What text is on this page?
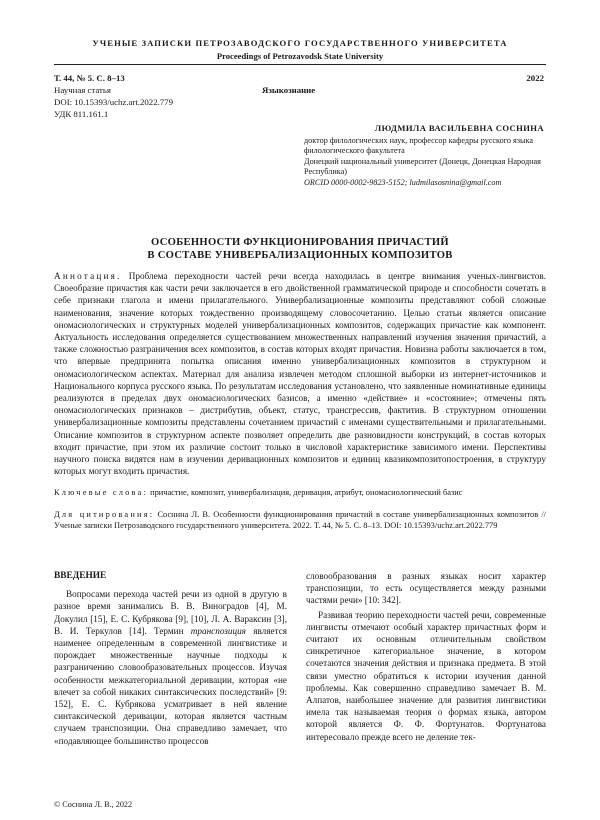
УЧЕНЫЕ ЗАПИСКИ ПЕТРОЗАВОДСКОГО ГОСУДАРСТВЕННОГО УНИВЕРСИТЕТА
Proceedings of Petrozavodsk State University
Т. 44, № 5. С. 8–13	2022
Научная статья	Языкознание
DOI: 10.15393/uchz.art.2022.779
УДК 811.161.1
ЛЮДМИЛА ВАСИЛЬЕВНА СОСНИНА
доктор филологических наук, профессор кафедры русского языка филологического факультета
Донецкий национальный университет (Донецк, Донецкая Народная Республика)
ORCID 0000-0002-9823-5152; ludmilasosnina@gmail.com
ОСОБЕННОСТИ ФУНКЦИОНИРОВАНИЯ ПРИЧАСТИЙ
В СОСТАВЕ УНИВЕРБАЛИЗАЦИОННЫХ КОМПОЗИТОВ
Аннотация. Проблема переходности частей речи всегда находилась в центре внимания ученых-лингвистов. Своеобразие причастия как части речи заключается в его двойственной грамматической природе и способности сочетать в себе признаки глагола и имени прилагательного. Универбализационные композиты представляют собой сложные наименования, значение которых тождественно производящему словосочетанию. Целью статьи является описание ономасиологических и структурных моделей универбализационных композитов, содержащих причастие как компонент. Актуальность исследования определяется существованием множественных направлений изучения значения причастий, а также сложностью разграничения всех композитов, в состав которых входят причастия. Новизна работы заключается в том, что впервые предпринята попытка описания именно универбализационных композитов в структурном и ономасиологическом аспектах. Материал для анализа извлечен методом сплошной выборки из интернет-источников и Национального корпуса русского языка. По результатам исследования установлено, что заявленные номинативные единицы реализуются в пределах двух ономасиологических базисов, а именно «действие» и «состояние»; отмечены пять ономасиологических признаков – дистрибутив, объект, статус, трансгрессив, фактитив. В структурном отношении универбализационные композиты представлены сочетанием причастий с именами существительными и прилагательными. Описание композитов в структурном аспекте позволяет определить две разновидности конструкций, в состав которых входит причастие, при этом их различие состоит только в числовой характеристике зависимого имени. Перспективы научного поиска видятся нам в изучении деривационных композитов и единиц квазикомпозитопостроения, в структуру которых могут входить причастия.
Ключевые слова: причастие, композит, универбализация, деривация, атрибут, ономасиологический базис
Для цитирования: Соснина Л. В. Особенности функционирования причастий в составе универбализационных композитов // Ученые записки Петрозаводского государственного университета. 2022. Т. 44, № 5. С. 8–13. DOI: 10.15393/uchz.art.2022.779
ВВЕДЕНИЕ

Вопросами перехода частей речи из одной в другую в разное время занимались В. В. Виноградов [4], М. Докулил [15], Е. С. Кубрякова [9], [10], Л. А. Вараксин [3], В. И. Теркулов [14]. Термин транспозиция является наименее определенным в современной лингвистике и порождает множественные научные подходы к разграничению словообразовательных процессов. Изучая особенности межкатегориальной деривации, которая «не влечет за собой никаких синтаксических последствий» [9: 152], Е. С. Кубрякова усматривает в ней явление синтаксической деривации, которая является частным случаем транспозиции. Она справедливо замечает, что «подавляющее большинство процессов

словообразования в разных языках носит характер транспозиции, то есть осуществляется между разными частями речи» [10: 342].

Развивая теорию переходности частей речи, современные лингвисты отмечают особый характер причастных форм и считают их основным отличительным свойством синкретичное категориальное значение, в котором сочетаются значения действия и признака предмета. В этой связи уместно обратиться к истории изучения данной проблемы. Как совершенно справедливо замечает В. М. Алпатов, наибольшее значение для развития лингвистики имела так называемая теория о формах языка, автором которой является Ф. Ф. Фортунатов. Фортунатова интересовало прежде всего не деление тек-

© Соснина Л. В., 2022
